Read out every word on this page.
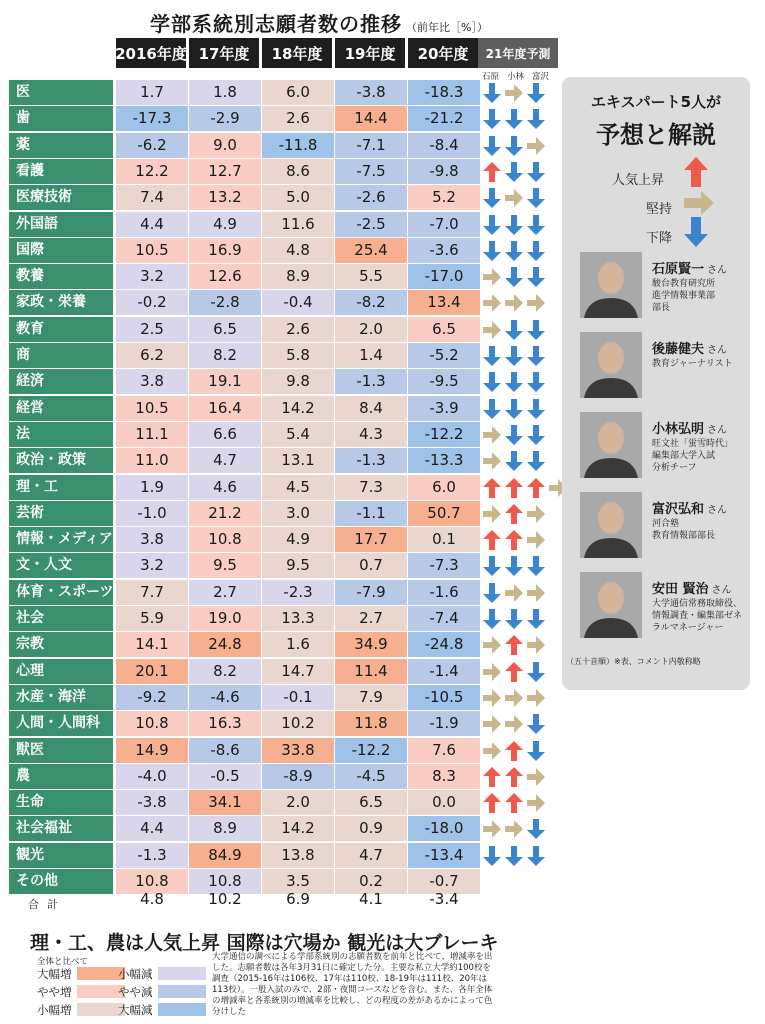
学部系統別志願者数の推移 （前年比［%］）
2016年度 17年度	18年度	19年度	20年度	21年度予測
石原 小林 富沢
医	1.7	1.8	6.0	-3.8	-18.3
歯	-17.3	-2.9	2.6	14.4	-21.2
薬	-6.2	9.0	-11.8	-7.1	-8.4
看護	12.2	12.7	8.6	-7.5	-9.8
医療技術	7.4	13.2	5.0	-2.6	5.2
外国語	4.4	4.9	11.6	-2.5	-7.0
国際	10.5	16.9	4.8	25.4	-3.6
教養	3.2	12.6	8.9	5.5	-17.0
家政・栄養	-0.2	-2.8	-0.4	-8.2	13.4
教育	2.5	6.5	2.6	2.0	6.5
商	6.2	8.2	5.8	1.4	-5.2
経済	3.8	19.1	9.8	-1.3	-9.5
経営	10.5	16.4	14.2	8.4	-3.9
法	11.1	6.6	5.4	4.3	-12.2
政治・政策	11.0	4.7	13.1	-1.3	-13.3
理・工	1.9	4.6	4.5	7.3	6.0
芸術	-1.0	21.2	3.0	-1.1	50.7
情報・メディア	3.8	10.8	4.9	17.7	0.1
文・人文	3.2	9.5	9.5	0.7	-7.3
体育・スポーツ	7.7	2.7	-2.3	-7.9	-1.6
社会	5.9	19.0	13.3	2.7	-7.4
宗教	14.1	24.8	1.6	34.9	-24.8
心理	20.1	8.2	14.7	11.4	-1.4
水産・海洋	-9.2	-4.6	-0.1	7.9	-10.5
人間・人間科	10.8	16.3	10.2	11.8	-1.9
獣医	14.9	-8.6	33.8	-12.2	7.6
農	-4.0	-0.5	-8.9	-4.5	8.3
生命	-3.8	34.1	2.0	6.5	0.0
社会福祉	4.4	8.9	14.2	0.9	-18.0
観光	-1.3	84.9	13.8	4.7	-13.4
その他	10.8	10.8	3.5	0.2	-0.7
合計	4.8	10.2	6.9	4.1	-3.4
エキスパート5人が
予想と解説
人気上昇
堅持
下降
石原賢一 さん
駿台教育研究所
進学情報事業部
部長
後藤健夫 さん
教育ジャーナリスト
小林弘明 さん
旺文社「蛍雪時代」
編集部大学入試
分析チーフ
富沢弘和 さん
河合塾
教育情報部部長
安田 賢治 さん
大学通信常務取締役、
情報調査・編集部ゼネ
ラルマネージャー
（五十音順）※表、コメント内敬称略
理・工、農は人気上昇 国際は穴場か 観光は大ブレーキ
全体と比べて
大幅増	小幅減
やや増	やや減
小幅増	大幅減
大学通信の調べによる学部系統別の志願者数を前年と比べて、増減率を出した。志願者数は各年3月31日に確定した分。主要な私立大学約100校を調査（2015-16年は106校、17年は110校、18-19年は111校、20年は113校）。一般入試のみで、2部・夜間コースなどを含む。また、各年全体の増減率と各系統別の増減率を比較し、どの程度の差があるかによって色分けした
